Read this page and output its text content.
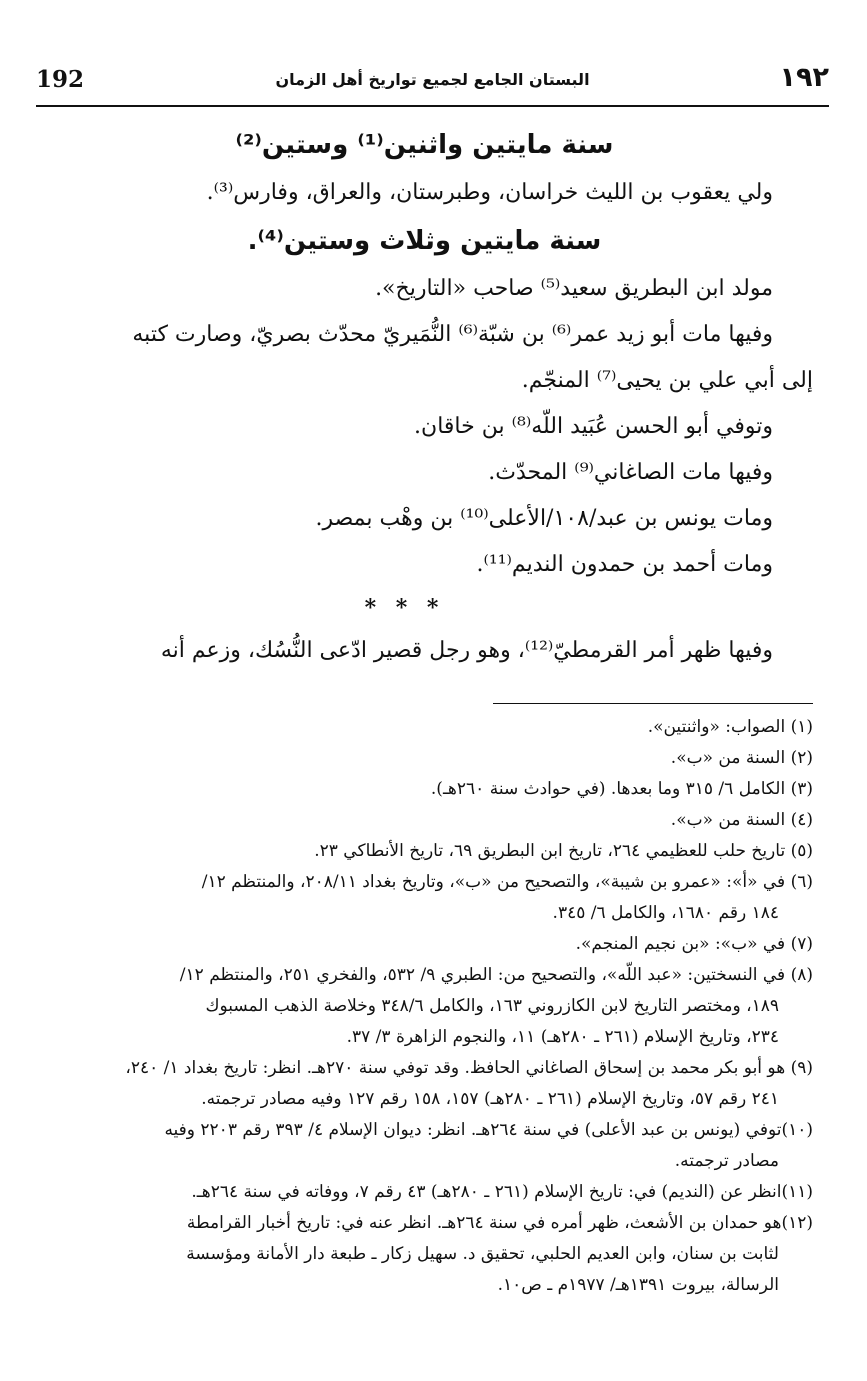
١٩٢
البستان الجامع لجميع تواريخ أهل الزمان
192
سنة مايتين واثنين⁽¹⁾ وستين⁽²⁾

ولي يعقوب بن الليث خراسان، وطبرستان، والعراق، وفارس⁽³⁾.

سنة مايتين وثلاث وستين⁽⁴⁾.

مولد ابن البطريق سعيد⁽⁵⁾ صاحب «التاريخ».

وفيها مات أبو زيد عمر⁽⁶⁾ بن شبّة⁽⁶⁾ النُّمَيريّ محدّث بصريّ، وصارت كتبه

إلى أبي علي بن يحيى⁽⁷⁾ المنجّم.

وتوفي أبو الحسن عُبَيد اللّه⁽⁸⁾ بن خاقان.

وفيها مات الصاغاني⁽⁹⁾ المحدّث.

ومات يونس بن عبد/١٠٨/الأعلى⁽¹⁰⁾ بن وهْب بمصر.

ومات أحمد بن حمدون النديم⁽¹¹⁾.

* * *

وفيها ظهر أمر القرمطيّ⁽¹²⁾، وهو رجل قصير ادّعى النُّسُك، وزعم أنه

(١) الصواب: «واثنتين».

(٢) السنة من «ب».

(٣) الكامل ٦/ ٣١٥ وما بعدها. (في حوادث سنة ٢٦٠هـ).

(٤) السنة من «ب».

(٥) تاريخ حلب للعظيمي ٢٦٤، تاريخ ابن البطريق ٦٩، تاريخ الأنطاكي ٢٣.

(٦) في «أ»: «عمرو بن شيبة»، والتصحيح من «ب»، وتاريخ بغداد ٢٠٨/١١، والمنتظم ١٢/

١٨٤ رقم ١٦٨٠، والكامل ٦/ ٣٤٥.

(٧) في «ب»: «بن نجيم المنجم».

(٨) في النسختين: «عبد اللّه»، والتصحيح من: الطبري ٩/ ٥٣٢، والفخري ٢٥١، والمنتظم ١٢/

١٨٩، ومختصر التاريخ لابن الكازروني ١٦٣، والكامل ٣٤٨/٦ وخلاصة الذهب المسبوك

٢٣٤، وتاريخ الإسلام (٢٦١ ـ ٢٨٠هـ) ١١، والنجوم الزاهرة ٣/ ٣٧.

(٩) هو أبو بكر محمد بن إسحاق الصاغاني الحافظ. وقد توفي سنة ٢٧٠هـ. انظر: تاريخ بغداد ١/ ٢٤٠،

٢٤١ رقم ٥٧، وتاريخ الإسلام (٢٦١ ـ ٢٨٠هـ) ١٥٧، ١٥٨ رقم ١٢٧ وفيه مصادر ترجمته.

(١٠)توفي (يونس بن عبد الأعلى) في سنة ٢٦٤هـ. انظر: ديوان الإسلام ٤/ ٣٩٣ رقم ٢٢٠٣ وفيه

مصادر ترجمته.

(١١)انظر عن (النديم) في: تاريخ الإسلام (٢٦١ ـ ٢٨٠هـ) ٤٣ رقم ٧، ووفاته في سنة ٢٦٤هـ.

(١٢)هو حمدان بن الأشعث، ظهر أمره في سنة ٢٦٤هـ. انظر عنه في: تاريخ أخبار القرامطة

لثابت بن سنان، وابن العديم الحلبي، تحقيق د. سهيل زكار ـ طبعة دار الأمانة ومؤسسة

الرسالة، بيروت ١٣٩١هـ/ ١٩٧٧م ـ ص١٠.
